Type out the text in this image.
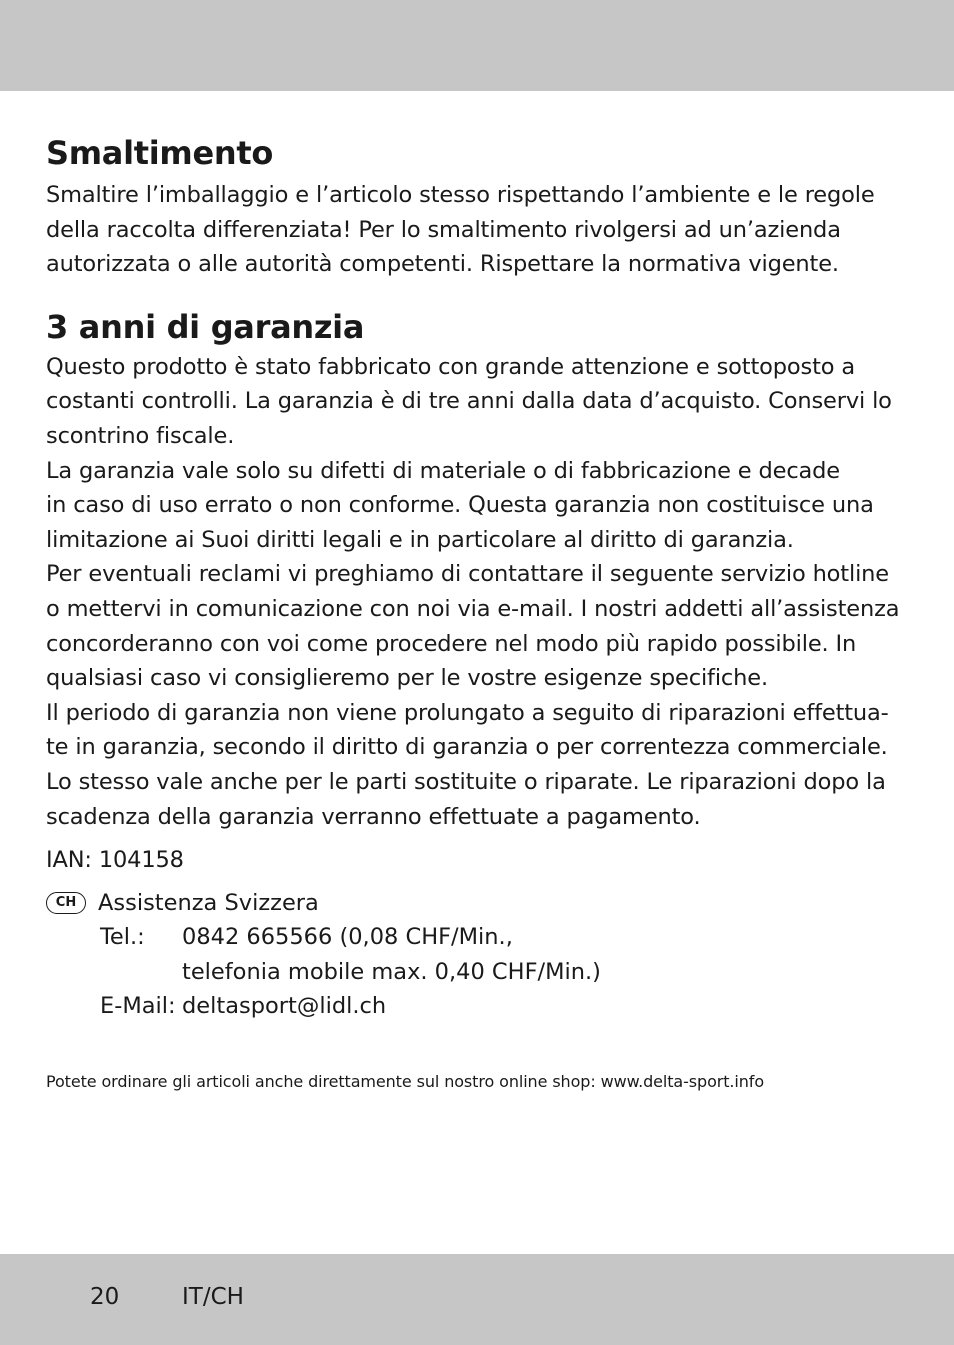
Smaltimento

Smaltire l’imballaggio e l’articolo stesso rispettando l’ambiente e le regole

della raccolta differenziata! Per lo smaltimento rivolgersi ad un’azienda

autorizzata o alle autorità competenti. Rispettare la normativa vigente.

3 anni di garanzia

Questo prodotto è stato fabbricato con grande attenzione e sottoposto a

costanti controlli. La garanzia è di tre anni dalla data d’acquisto. Conservi lo

scontrino fiscale.

La garanzia vale solo su difetti di materiale o di fabbricazione e decade

in caso di uso errato o non conforme. Questa garanzia non costituisce una

limitazione ai Suoi diritti legali e in particolare al diritto di garanzia.

Per eventuali reclami vi preghiamo di contattare il seguente servizio hotline

o mettervi in comunicazione con noi via e-mail. I nostri addetti all’assistenza

concorderanno con voi come procedere nel modo più rapido possibile. In

qualsiasi caso vi consiglieremo per le vostre esigenze specifiche.

Il periodo di garanzia non viene prolungato a seguito di riparazioni effettua-

te in garanzia, secondo il diritto di garanzia o per correntezza commerciale.

Lo stesso vale anche per le parti sostituite o riparate. Le riparazioni dopo la

scadenza della garanzia verranno effettuate a pagamento.

IAN: 104158

CH Assistenza Svizzera
Tel.:	0842 665566 (0,08 CHF/Min.,
telefonia mobile max. 0,40 CHF/Min.)
E-Mail: deltasport@lidl.ch
Potete ordinare gli articoli anche direttamente sul nostro online shop: www.delta-sport.info
20	IT/CH
